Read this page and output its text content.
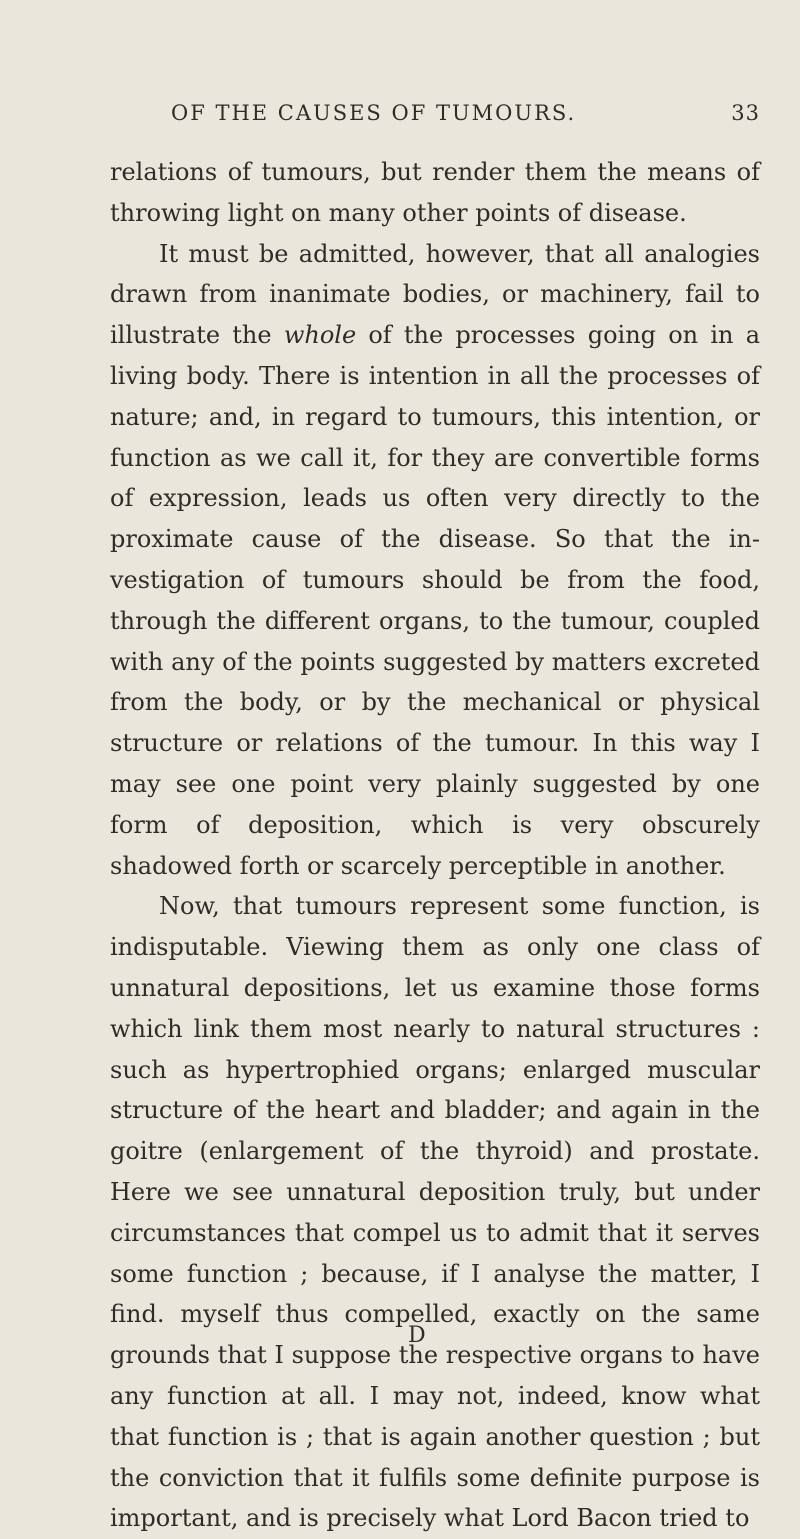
OF THE CAUSES OF TUMOURS.	33

relations of tumours, but render them the means of throwing light on many other points of disease.

It must be admitted, however, that all analogies drawn from inanimate bodies, or machinery, fail to illustrate the whole of the processes going on in a living body. There is intention in all the processes of nature; and, in regard to tumours, this intention, or function as we call it, for they are convertible forms of expression, leads us often very directly to the proximate cause of the disease. So that the in-vestigation of tumours should be from the food, through the different organs, to the tumour, coupled with any of the points suggested by matters excreted from the body, or by the mechanical or physical structure or relations of the tumour. In this way I may see one point very plainly suggested by one form of deposition, which is very obscurely shadowed forth or scarcely perceptible in another.

Now, that tumours represent some function, is indisputable. Viewing them as only one class of unnatural depositions, let us examine those forms which link them most nearly to natural structures : such as hypertrophied organs; enlarged muscular structure of the heart and bladder; and again in the goitre (enlargement of the thyroid) and prostate. Here we see unnatural deposition truly, but under circumstances that compel us to admit that it serves some function ; because, if I analyse the matter, I find. myself thus compelled, exactly on the same grounds that I suppose the respective organs to have any function at all. I may not, indeed, know what that function is ; that is again another question ; but the conviction that it fulfils some definite purpose is important, and is precisely what Lord Bacon tried to

D
